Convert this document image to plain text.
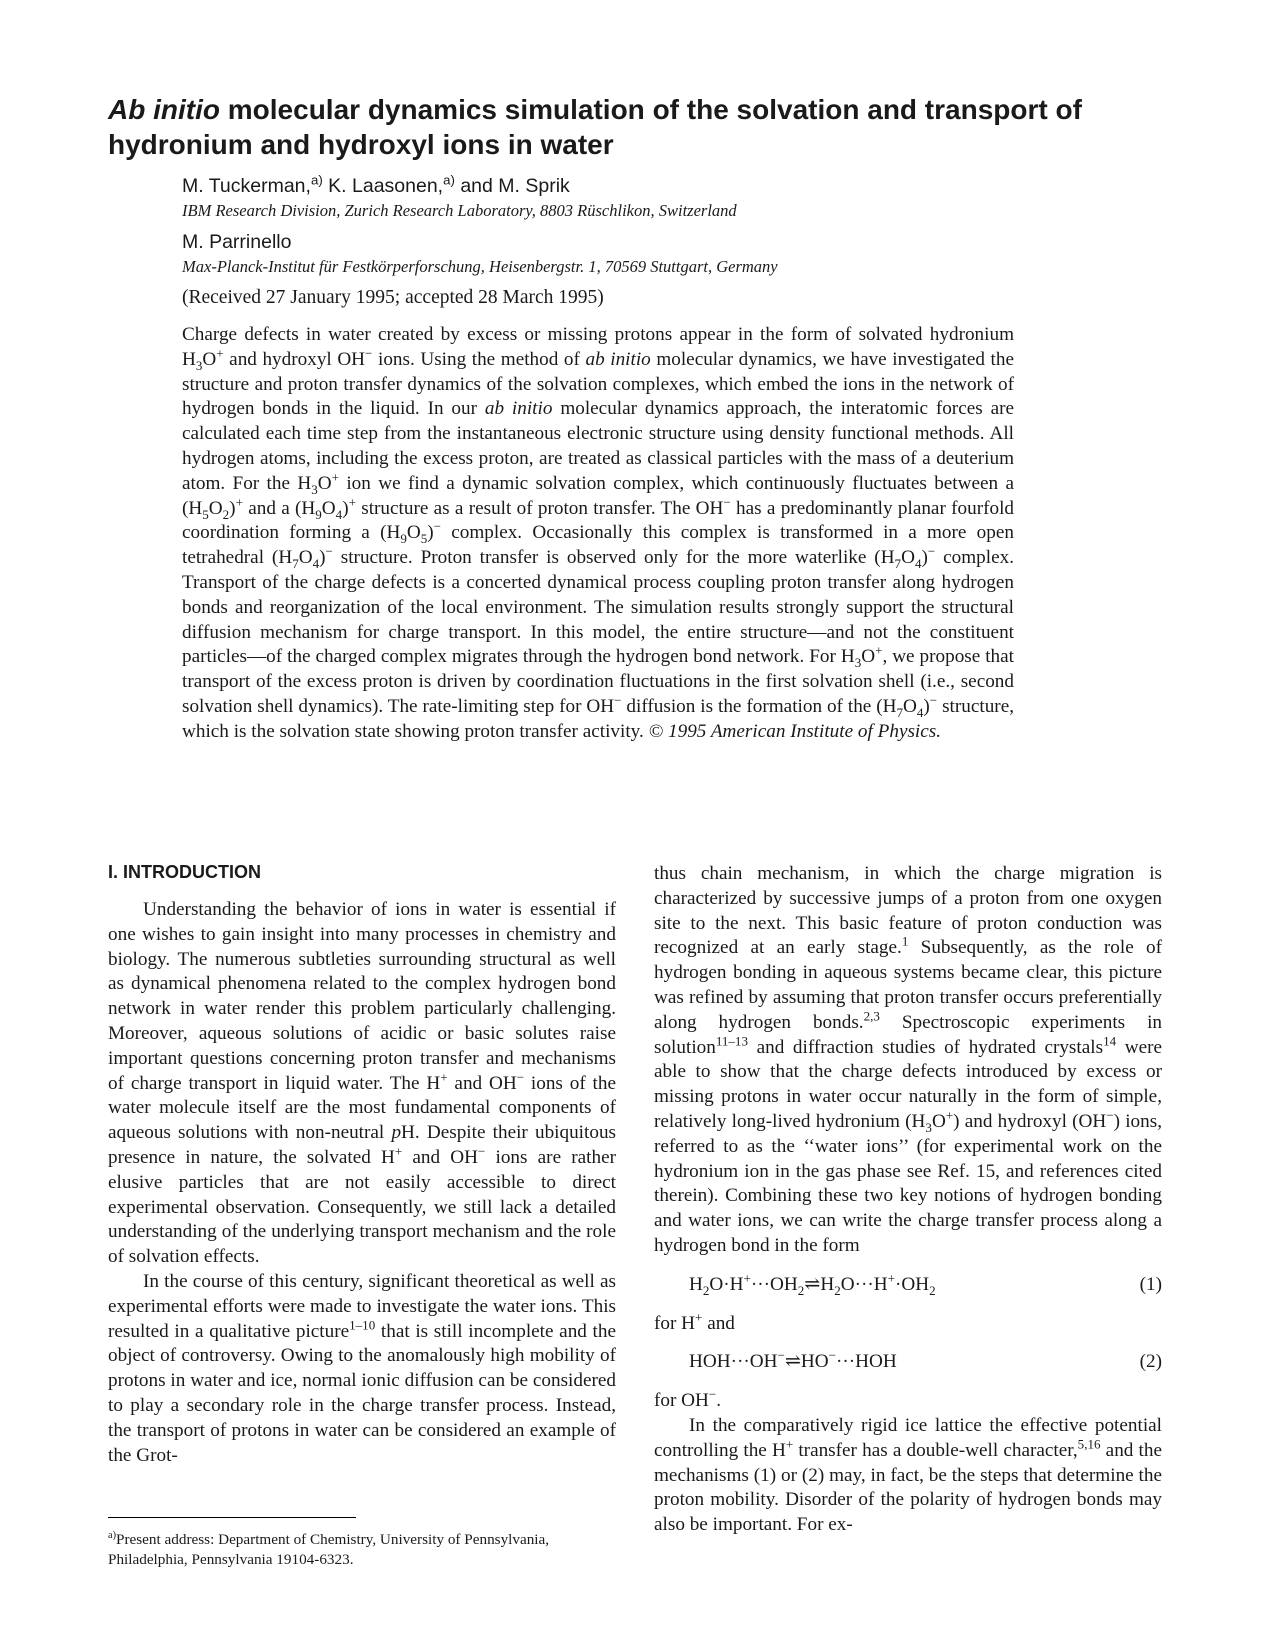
Ab initio molecular dynamics simulation of the solvation and transport of hydronium and hydroxyl ions in water
M. Tuckerman,$^{a)}$ K. Laasonen,$^{a)}$ and M. Sprik
IBM Research Division, Zurich Research Laboratory, 8803 Rüschlikon, Switzerland
M. Parrinello
Max-Planck-Institut für Festkörperforschung, Heisenbergstr. 1, 70569 Stuttgart, Germany
(Received 27 January 1995; accepted 28 March 1995)

Charge defects in water created by excess or missing protons appear in the form of solvated hydronium $H_3O^+$ and hydroxyl OH− ions. Using the method of ab initio molecular dynamics, we have investigated the structure and proton transfer dynamics of the solvation complexes, which embed the ions in the network of hydrogen bonds in the liquid. In our ab initio molecular dynamics approach, the interatomic forces are calculated each time step from the instantaneous electronic structure using density functional methods. All hydrogen atoms, including the excess proton, are treated as classical particles with the mass of a deuterium atom. For the $H_3O^+$ ion we find a dynamic solvation complex, which continuously fluctuates between a $(H_5O_2)^+$ and a $(H_9O_4)^+$ structure as a result of proton transfer. The OH− has a predominantly planar fourfold coordination forming a $(H_9O_5)^-$ complex. Occasionally this complex is transformed in a more open tetrahedral $(H_7O_4)^-$ structure. Proton transfer is observed only for the more waterlike $(H_7O_4)^-$ complex. Transport of the charge defects is a concerted dynamical process coupling proton transfer along hydrogen bonds and reorganization of the local environment. The simulation results strongly support the structural diffusion mechanism for charge transport. In this model, the entire structure—and not the constituent particles—of the charged complex migrates through the hydrogen bond network. For $H_3O^+$, we propose that transport of the excess proton is driven by coordination fluctuations in the first solvation shell (i.e., second solvation shell dynamics). The rate-limiting step for OH− diffusion is the formation of the $(H_7O_4)^-$ structure, which is the solvation state showing proton transfer activity. © 1995 American Institute of Physics.

I. INTRODUCTION

Understanding the behavior of ions in water is essential if one wishes to gain insight into many processes in chemistry and biology. The numerous subtleties surrounding structural as well as dynamical phenomena related to the complex hydrogen bond network in water render this problem particularly challenging. Moreover, aqueous solutions of acidic or basic solutes raise important questions concerning proton transfer and mechanisms of charge transport in liquid water. The H+ and OH− ions of the water molecule itself are the most fundamental components of aqueous solutions with non-neutral pH. Despite their ubiquitous presence in nature, the solvated H+ and OH− ions are rather elusive particles that are not easily accessible to direct experimental observation. Consequently, we still lack a detailed understanding of the underlying transport mechanism and the role of solvation effects.

In the course of this century, significant theoretical as well as experimental efforts were made to investigate the water ions. This resulted in a qualitative picture$^{1-10}$ that is still incomplete and the object of controversy. Owing to the anomalously high mobility of protons in water and ice, normal ionic diffusion can be considered to play a secondary role in the charge transfer process. Instead, the transport of protons in water can be considered an example of the Grot-

thus chain mechanism, in which the charge migration is characterized by successive jumps of a proton from one oxygen site to the next. This basic feature of proton conduction was recognized at an early stage.$^1$ Subsequently, as the role of hydrogen bonding in aqueous systems became clear, this picture was refined by assuming that proton transfer occurs preferentially along hydrogen bonds.$^{2,3}$ Spectroscopic experiments in solution$^{11-13}$ and diffraction studies of hydrated crystals$^{14}$ were able to show that the charge defects introduced by excess or missing protons in water occur naturally in the form of simple, relatively long-lived hydronium $(H_3O^+)$ and hydroxyl (OH−) ions, referred to as the ‘‘water ions’’ (for experimental work on the hydronium ion in the gas phase see Ref. 15, and references cited therein). Combining these two key notions of hydrogen bonding and water ions, we can write the charge transfer process along a hydrogen bond in the form

$H_2O\cdot H^+\cdot\cdot\cdot OH_2\rightleftharpoons H_2O\cdot\cdot\cdot H^+\cdot OH_2$	(1)

for H+ and

HOH···OH−⇌HO−···HOH	(2)

for OH−.

In the comparatively rigid ice lattice the effective potential controlling the H+ transfer has a double-well character,$^{5,16}$ and the mechanisms (1) or (2) may, in fact, be the steps that determine the proton mobility. Disorder of the polarity of hydrogen bonds may also be important. For ex-

$^{a)}$Present address: Department of Chemistry, University of Pennsylvania, Philadelphia, Pennsylvania 19104-6323.
